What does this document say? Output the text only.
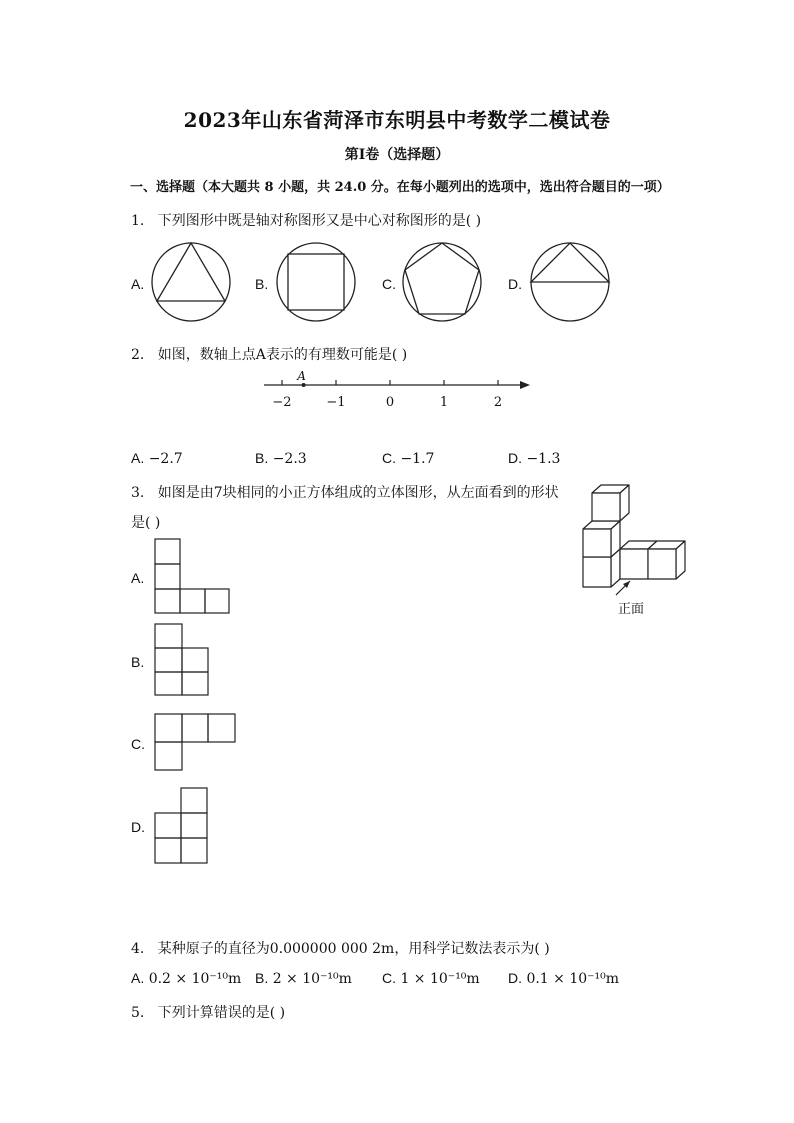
2023年山东省菏泽市东明县中考数学二模试卷
第I卷（选择题）
一、选择题（本大题共 8 小题，共 24.0 分。在每小题列出的选项中，选出符合题目的一项）
1. 下列图形中既是轴对称图形又是中心对称图形的是( )
A.	B.	C.	D.
2. 如图，数轴上点A表示的有理数可能是( )
−2	−1	0	1	2
A
A. −2.7	B. −2.3	C. −1.7	D. −1.3
3. 如图是由7块相同的小正方体组成的立体图形，从左面看到的形状
是( )
正面
A.
B.
C.
D.
4. 某种原子的直径为0.000000 000 2m，用科学记数法表示为( )
A. 0.2 × 10⁻¹⁰m B. 2 × 10⁻¹⁰m C. 1 × 10⁻¹⁰m D. 0.1 × 10⁻¹⁰m
5. 下列计算错误的是( )
